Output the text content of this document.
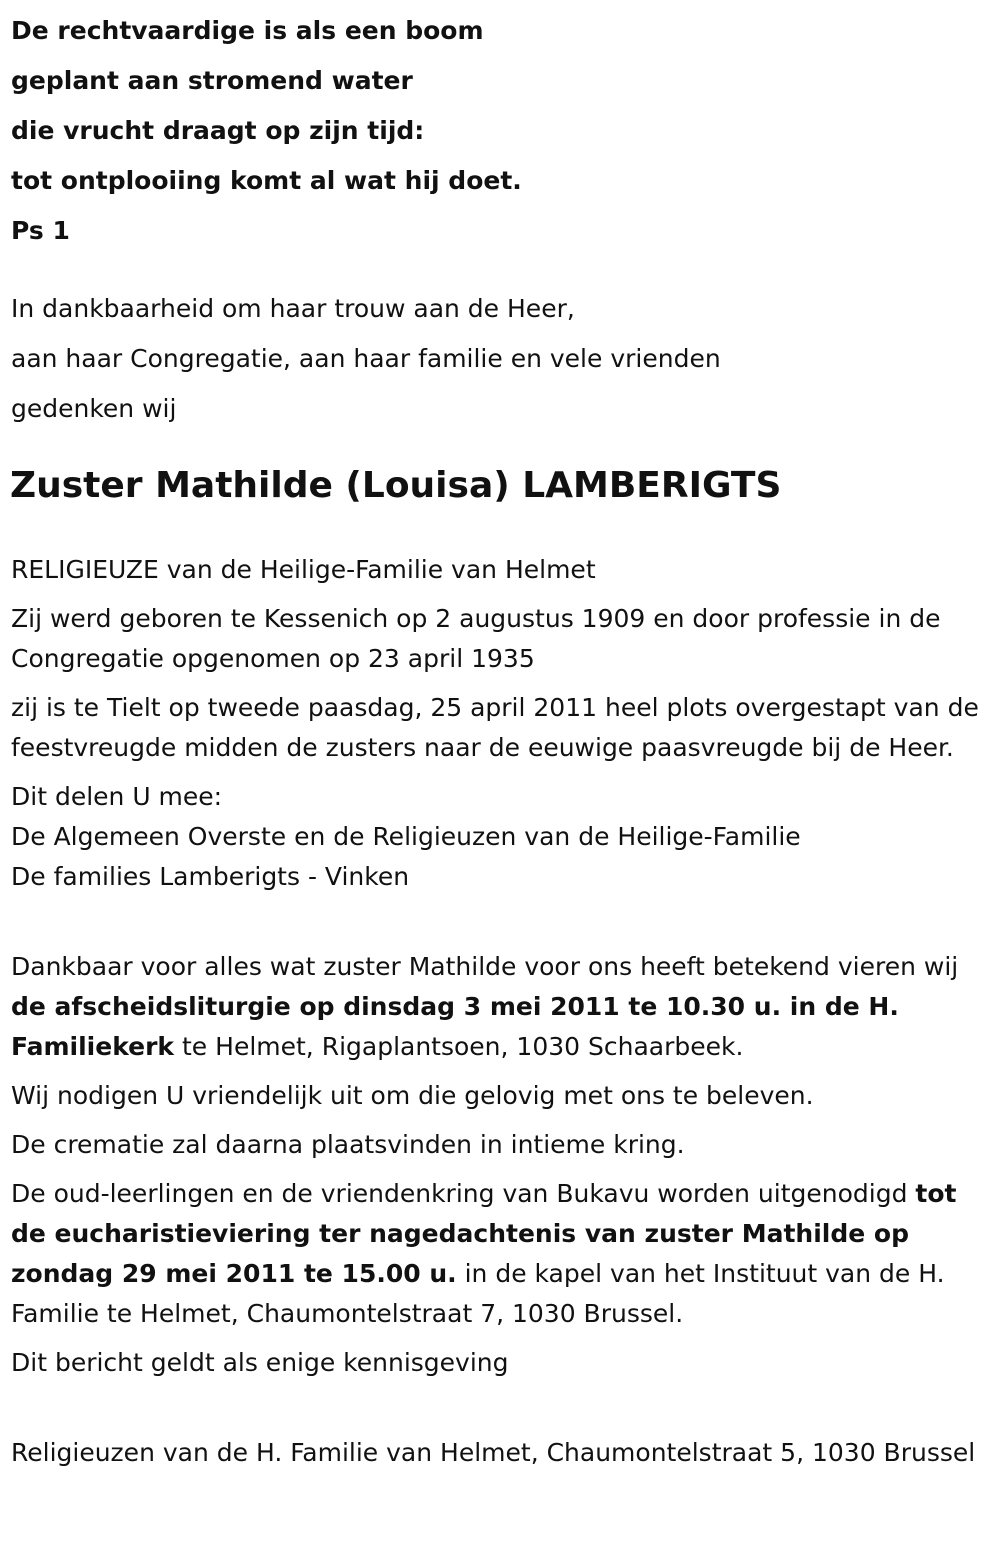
De rechtvaardige is als een boom
geplant aan stromend water
die vrucht draagt op zijn tijd:
tot ontplooiing komt al wat hij doet.
Ps 1
In dankbaarheid om haar trouw aan de Heer,
aan haar Congregatie, aan haar familie en vele vrienden
gedenken wij
Zuster Mathilde (Louisa) LAMBERIGTS

RELIGIEUZE van de Heilige-Familie van Helmet

Zij werd geboren te Kessenich op 2 augustus 1909 en door professie in de Congregatie opgenomen op 23 april 1935

zij is te Tielt op tweede paasdag, 25 april 2011 heel plots overgestapt van de feestvreugde midden de zusters naar de eeuwige paasvreugde bij de Heer.

Dit delen U mee:
De Algemeen Overste en de Religieuzen van de Heilige-Familie
De families Lamberigts - Vinken

Dankbaar voor alles wat zuster Mathilde voor ons heeft betekend vieren wij de afscheidsliturgie op dinsdag 3 mei 2011 te 10.30 u. in de H. Familiekerk te Helmet, Rigaplantsoen, 1030 Schaarbeek.

Wij nodigen U vriendelijk uit om die gelovig met ons te beleven.

De crematie zal daarna plaatsvinden in intieme kring.

De oud-leerlingen en de vriendenkring van Bukavu worden uitgenodigd tot de eucharistieviering ter nagedachtenis van zuster Mathilde op zondag 29 mei 2011 te 15.00 u. in de kapel van het Instituut van de H. Familie te Helmet, Chaumontelstraat 7, 1030 Brussel.

Dit bericht geldt als enige kennisgeving

Religieuzen van de H. Familie van Helmet, Chaumontelstraat 5, 1030 Brussel
